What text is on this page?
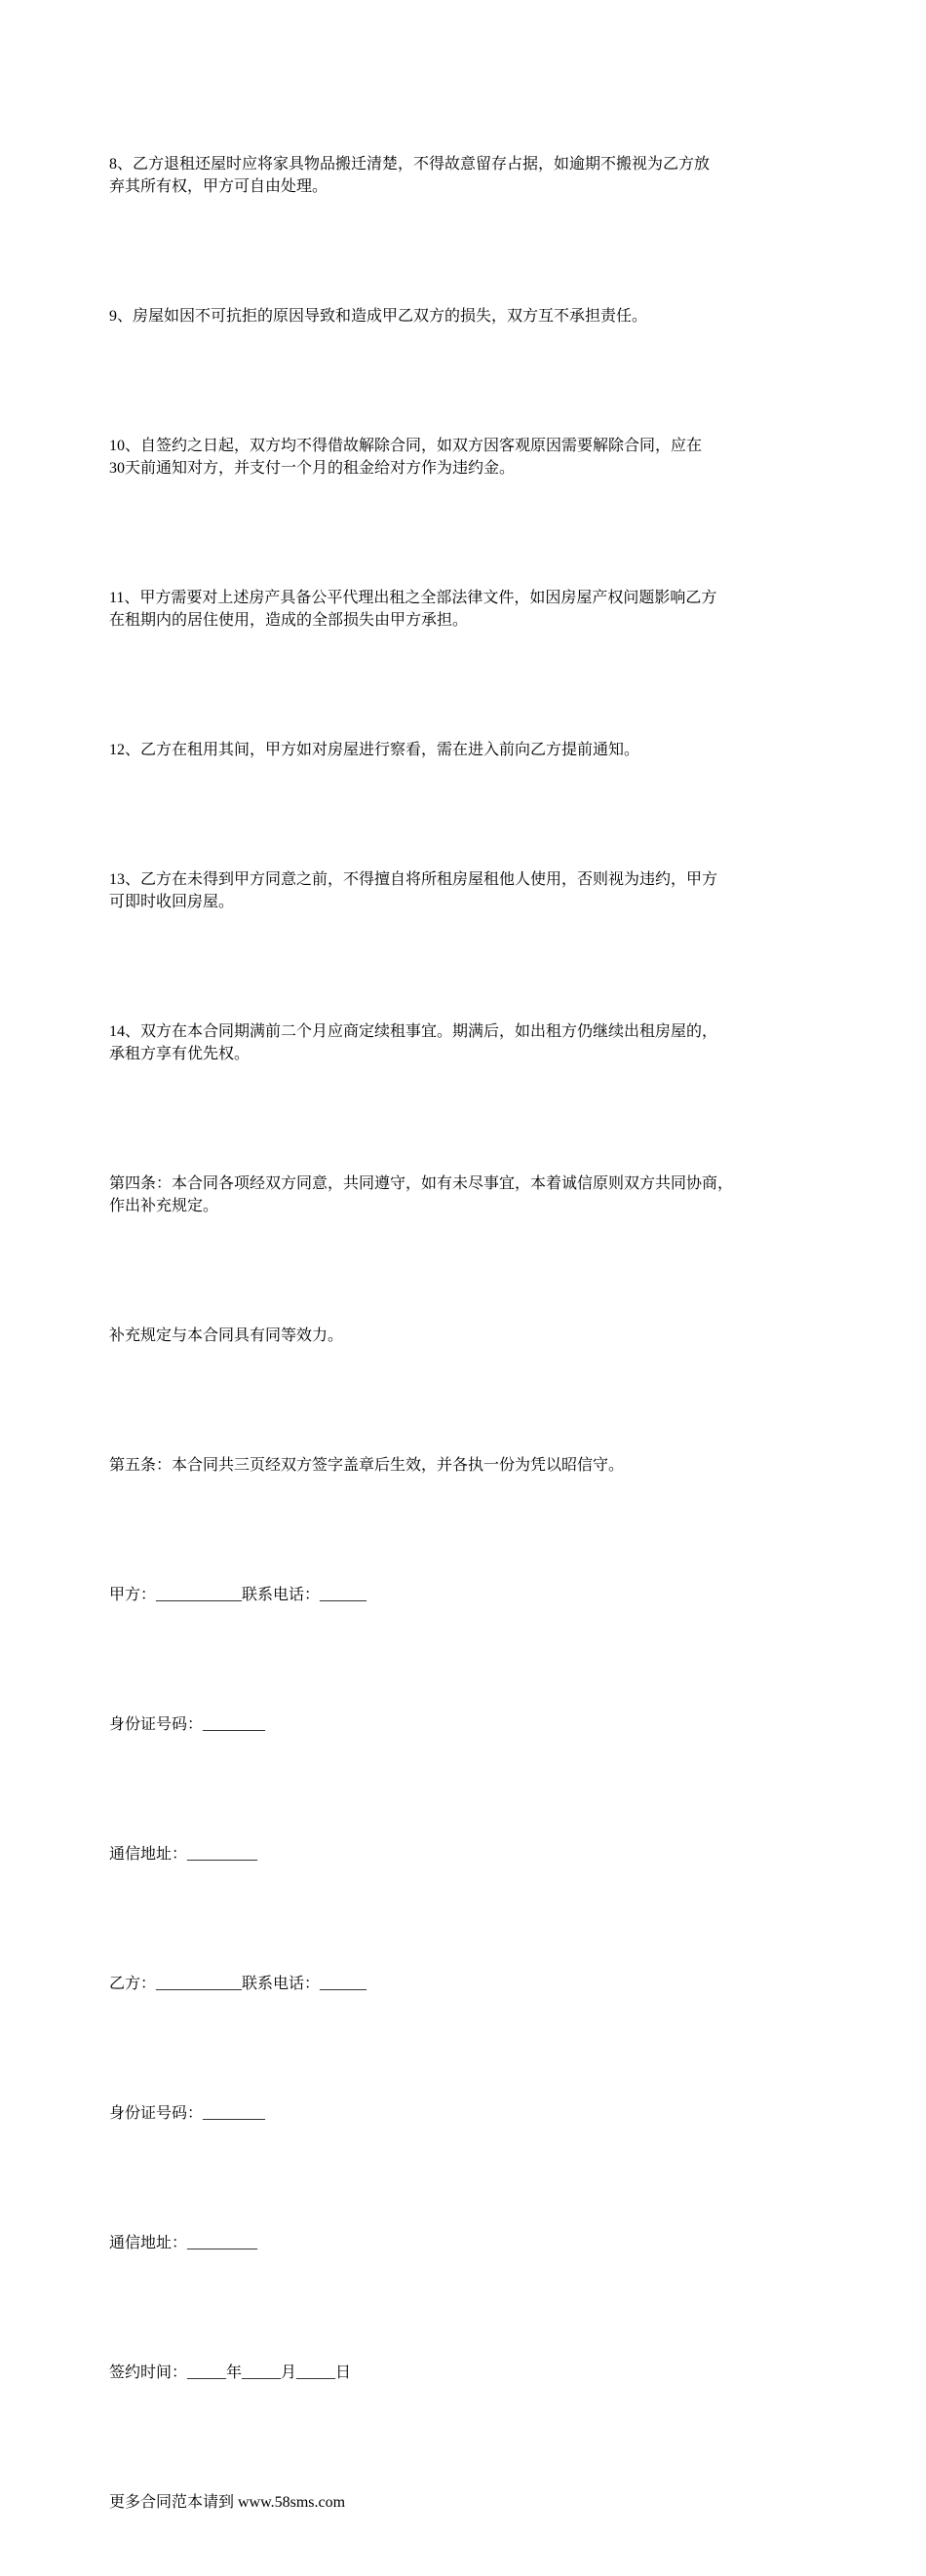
8、乙方退租还屋时应将家具物品搬迁清楚，不得故意留存占据，如逾期不搬视为乙方放
弃其所有权，甲方可自由处理。

9、房屋如因不可抗拒的原因导致和造成甲乙双方的损失，双方互不承担责任。

10、自签约之日起，双方均不得借故解除合同，如双方因客观原因需要解除合同，应在
30天前通知对方，并支付一个月的租金给对方作为违约金。

11、甲方需要对上述房产具备公平代理出租之全部法律文件，如因房屋产权问题影响乙方
在租期内的居住使用，造成的全部损失由甲方承担。

12、乙方在租用其间，甲方如对房屋进行察看，需在进入前向乙方提前通知。

13、乙方在未得到甲方同意之前，不得擅自将所租房屋租他人使用，否则视为违约，甲方
可即时收回房屋。

14、双方在本合同期满前二个月应商定续租事宜。期满后，如出租方仍继续出租房屋的，
承租方享有优先权。

第四条：本合同各项经双方同意，共同遵守，如有未尽事宜，本着诚信原则双方共同协商，
作出补充规定。

补充规定与本合同具有同等效力。

第五条：本合同共三页经双方签字盖章后生效，并各执一份为凭以昭信守。

甲方：___________联系电话：______

身份证号码：________

通信地址：_________

乙方：___________联系电话：______

身份证号码：________

通信地址：_________

签约时间：_____年_____月_____日

更多合同范本请到 www.58sms.com
